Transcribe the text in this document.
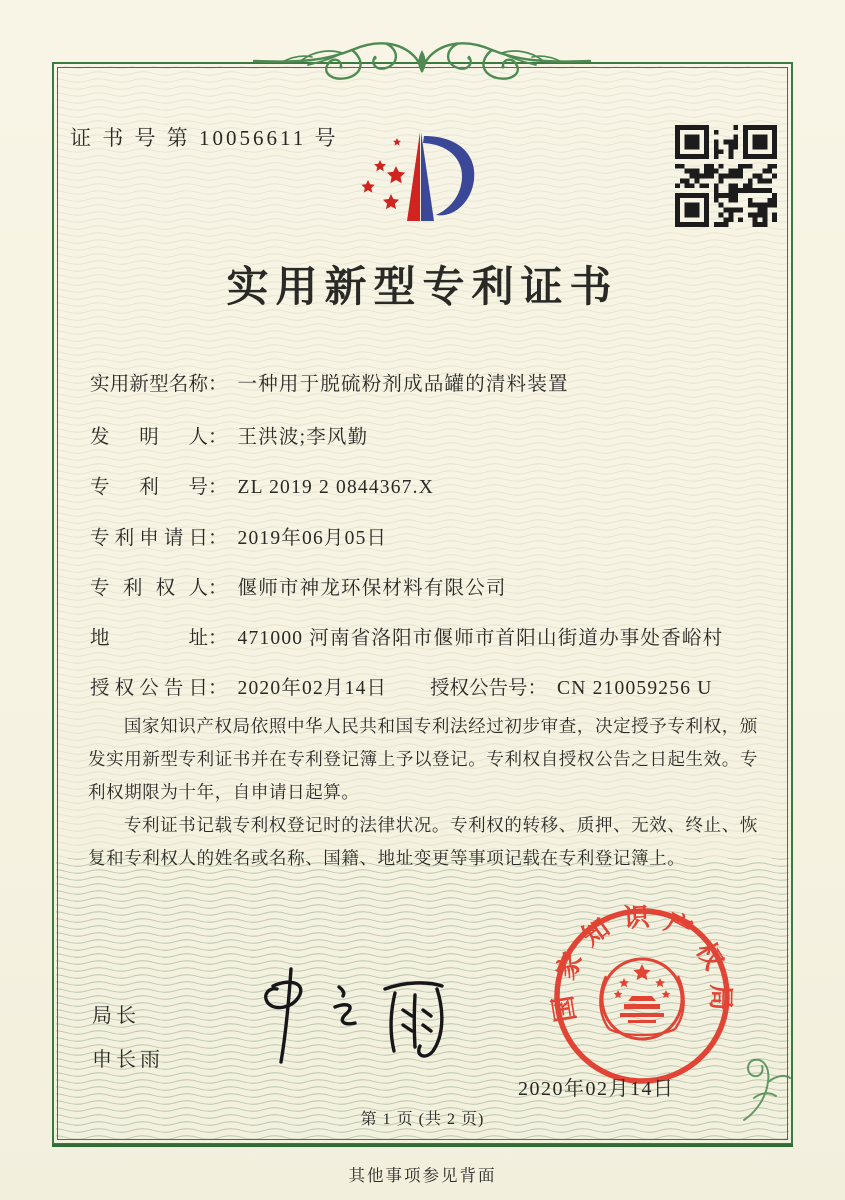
证 书 号 第 10056611 号
实用新型专利证书
实用新型名称： 一种用于脱硫粉剂成品罐的清料装置
发明人： 王洪波;李风勤
专利号： ZL 2019 2 0844367.X
专利申请日： 2019年06月05日
专利权人： 偃师市神龙环保材料有限公司
地址： 471000 河南省洛阳市偃师市首阳山街道办事处香峪村
授权公告日： 2020年02月14日 授权公告号： CN 210059256 U

国家知识产权局依照中华人民共和国专利法经过初步审查，决定授予专利权，颁发实用新型专利证书并在专利登记簿上予以登记。专利权自授权公告之日起生效。专利权期限为十年，自申请日起算。

专利证书记载专利权登记时的法律状况。专利权的转移、质押、无效、终止、恢复和专利权人的姓名或名称、国籍、地址变更等事项记载在专利登记簿上。

局长
申长雨
国家知识产权局
2020年02月14日
第 1 页 (共 2 页)
其他事项参见背面
